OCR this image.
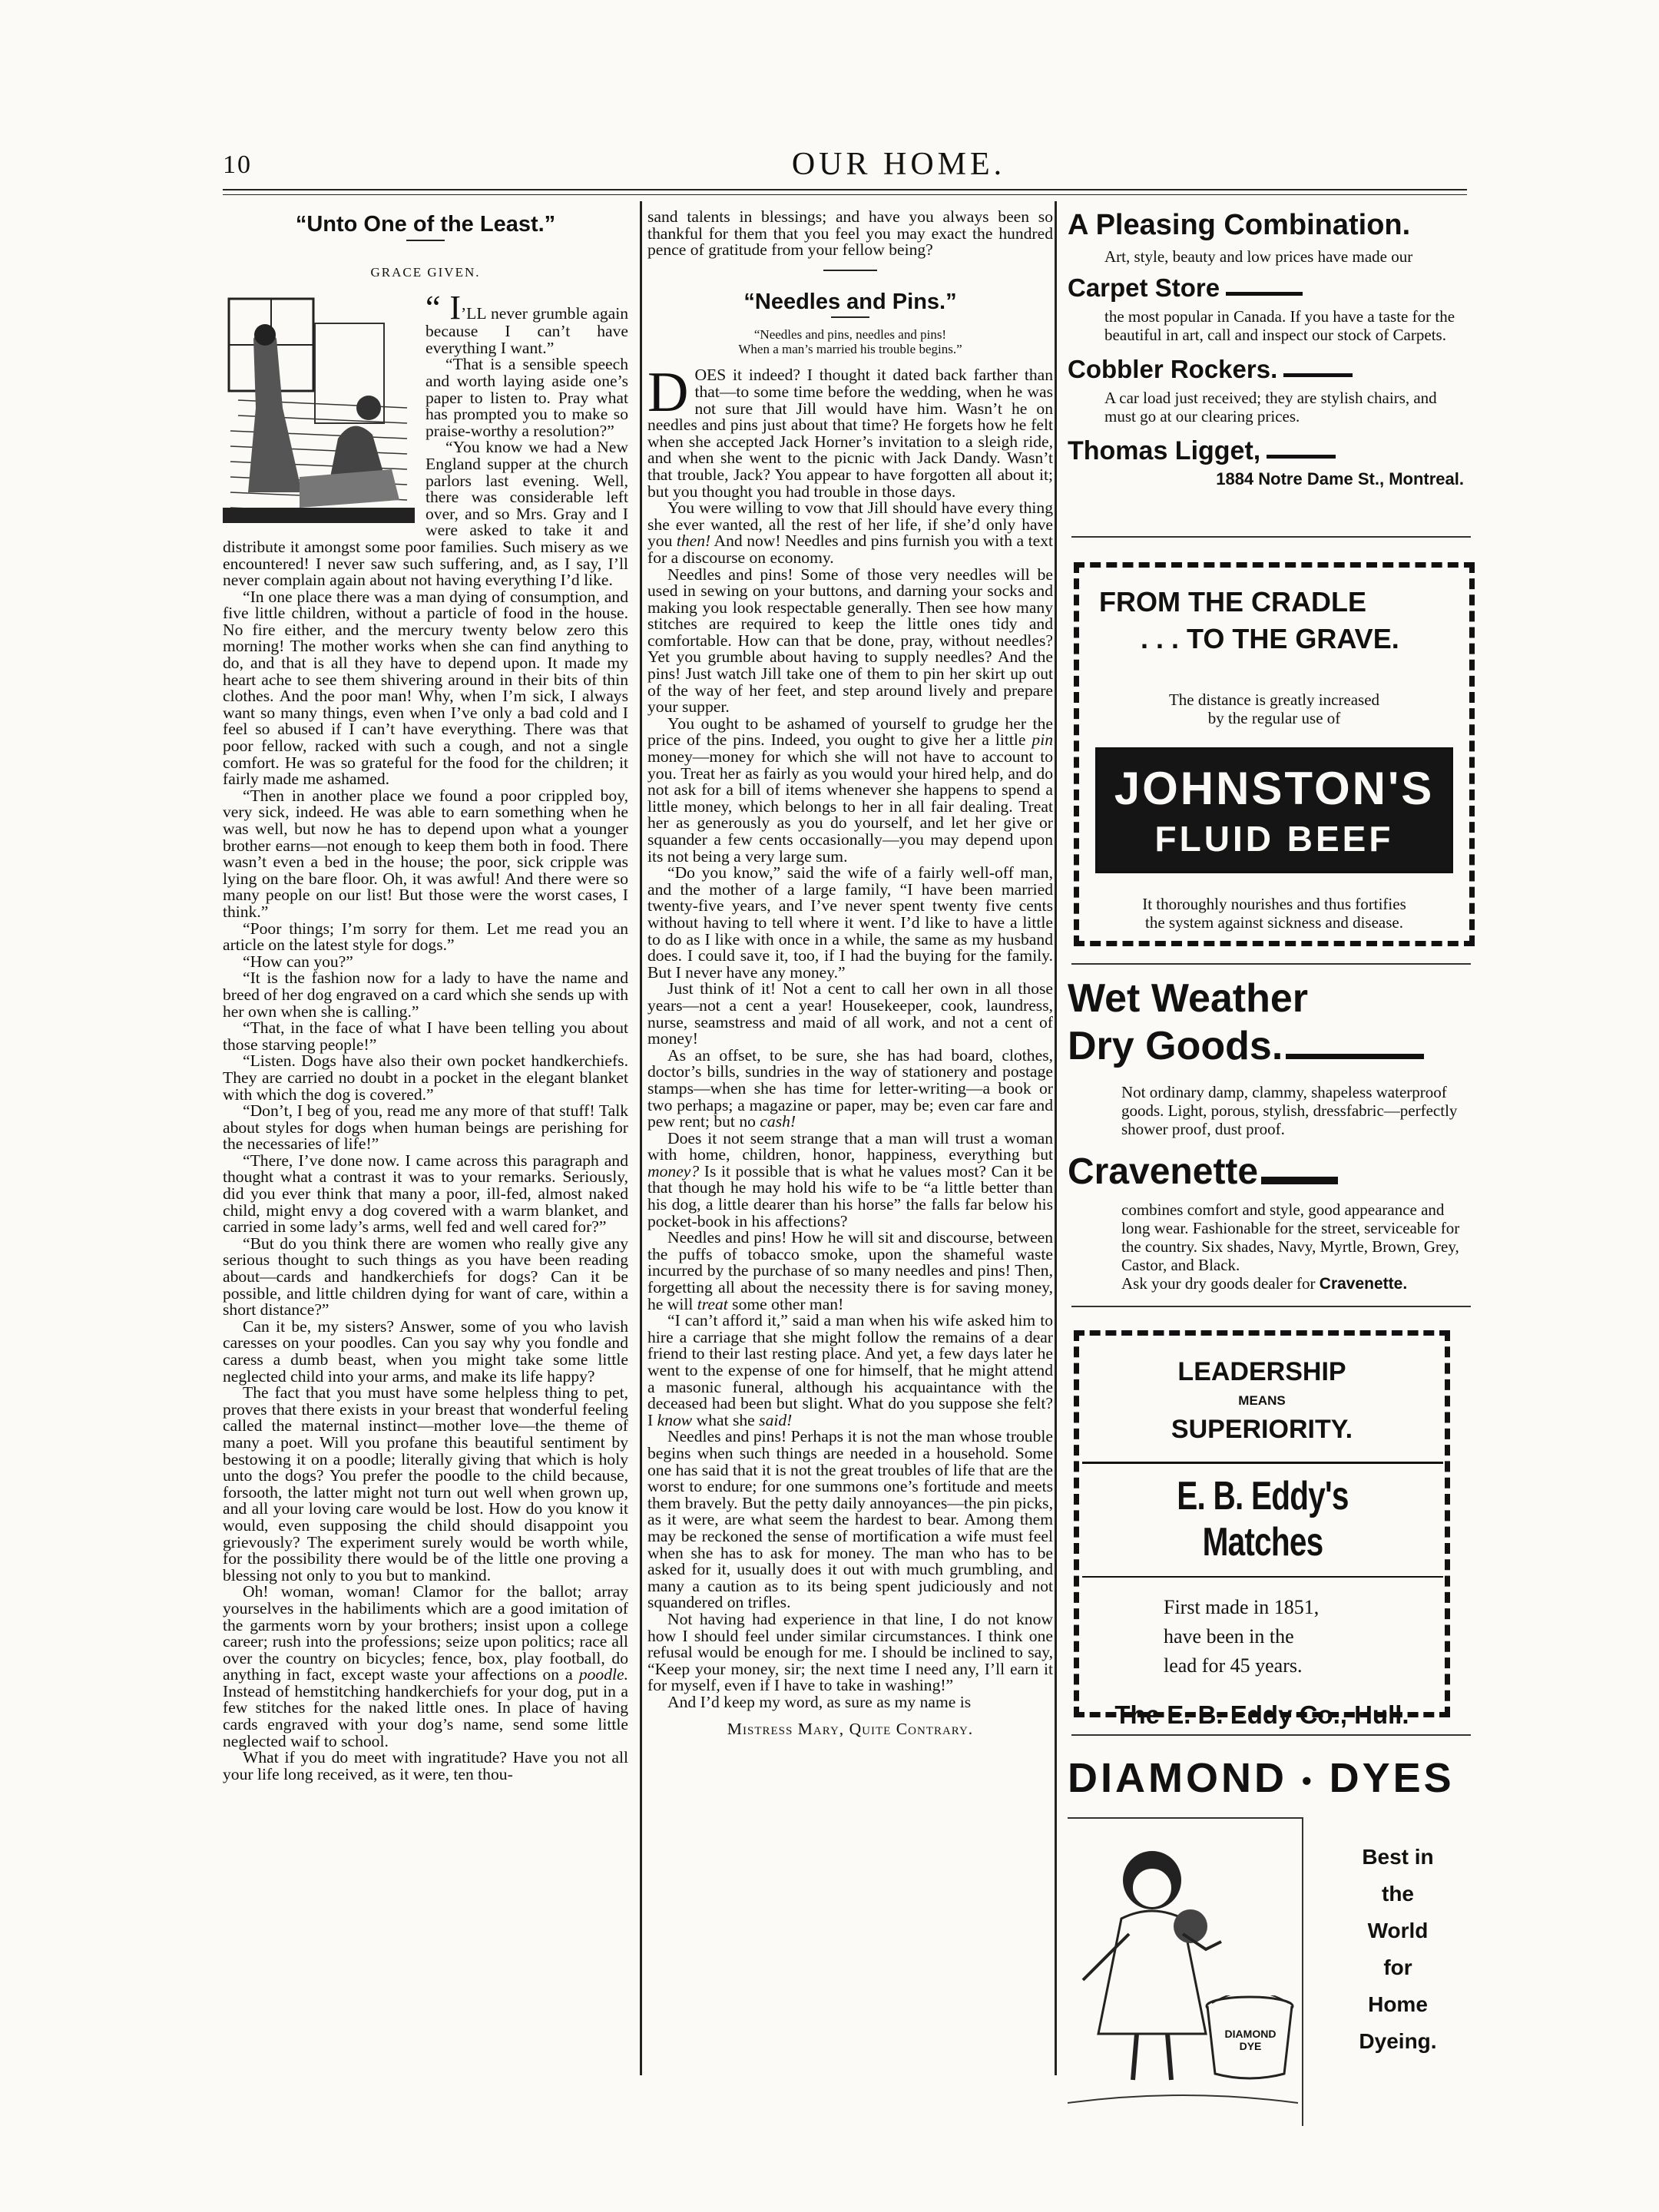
10	OUR HOME.
“Unto One of the Least.”
GRACE GIVEN.

“ I’LL never grumble again because I can’t have everything I want.”

“That is a sensible speech and worth laying aside one’s paper to listen to. Pray what has prompted you to make so praise-worthy a resolution?”

“You know we had a New England supper at the church parlors last evening. Well, there was considerable left over, and so Mrs. Gray and I were asked to take it and distribute it amongst some poor families. Such misery as we encountered! I never saw such suffering, and, as I say, I’ll never complain again about not having everything I’d like.

“In one place there was a man dying of consumption, and five little children, without a particle of food in the house. No fire either, and the mercury twenty below zero this morning! The mother works when she can find anything to do, and that is all they have to depend upon. It made my heart ache to see them shivering around in their bits of thin clothes. And the poor man! Why, when I’m sick, I always want so many things, even when I’ve only a bad cold and I feel so abused if I can’t have everything. There was that poor fellow, racked with such a cough, and not a single comfort. He was so grateful for the food for the children; it fairly made me ashamed.

“Then in another place we found a poor crippled boy, very sick, indeed. He was able to earn something when he was well, but now he has to depend upon what a younger brother earns—not enough to keep them both in food. There wasn’t even a bed in the house; the poor, sick cripple was lying on the bare floor. Oh, it was awful! And there were so many people on our list! But those were the worst cases, I think.”

“Poor things; I’m sorry for them. Let me read you an article on the latest style for dogs.”

“How can you?”

“It is the fashion now for a lady to have the name and breed of her dog engraved on a card which she sends up with her own when she is calling.”

“That, in the face of what I have been telling you about those starving people!”

“Listen. Dogs have also their own pocket handkerchiefs. They are carried no doubt in a pocket in the elegant blanket with which the dog is covered.”

“Don’t, I beg of you, read me any more of that stuff! Talk about styles for dogs when human beings are perishing for the necessaries of life!”

“There, I’ve done now. I came across this paragraph and thought what a contrast it was to your remarks. Seriously, did you ever think that many a poor, ill-fed, almost naked child, might envy a dog covered with a warm blanket, and carried in some lady’s arms, well fed and well cared for?”

“But do you think there are women who really give any serious thought to such things as you have been reading about—cards and handkerchiefs for dogs? Can it be possible, and little children dying for want of care, within a short distance?”

Can it be, my sisters? Answer, some of you who lavish caresses on your poodles. Can you say why you fondle and caress a dumb beast, when you might take some little neglected child into your arms, and make its life happy?

The fact that you must have some helpless thing to pet, proves that there exists in your breast that wonderful feeling called the maternal instinct—mother love—the theme of many a poet. Will you profane this beautiful sentiment by bestowing it on a poodle; literally giving that which is holy unto the dogs? You prefer the poodle to the child because, forsooth, the latter might not turn out well when grown up, and all your loving care would be lost. How do you know it would, even supposing the child should disappoint you grievously? The experiment surely would be worth while, for the possibility there would be of the little one proving a blessing not only to you but to mankind.

Oh! woman, woman! Clamor for the ballot; array yourselves in the habiliments which are a good imitation of the garments worn by your brothers; insist upon a college career; rush into the professions; seize upon politics; race all over the country on bicycles; fence, box, play football, do anything in fact, except waste your affections on a poodle. Instead of hemstitching handkerchiefs for your dog, put in a few stitches for the naked little ones. In place of having cards engraved with your dog’s name, send some little neglected waif to school.

What if you do meet with ingratitude? Have you not all your life long received, as it were, ten thou-

sand talents in blessings; and have you always been so thankful for them that you feel you may exact the hundred pence of gratitude from your fellow being?

“Needles and Pins.”
“Needles and pins, needles and pins!
When a man’s married his trouble begins.”

DOES it indeed? I thought it dated back farther than that—to some time before the wedding, when he was not sure that Jill would have him. Wasn’t he on needles and pins just about that time? He forgets how he felt when she accepted Jack Horner’s invitation to a sleigh ride, and when she went to the picnic with Jack Dandy. Wasn’t that trouble, Jack? You appear to have forgotten all about it; but you thought you had trouble in those days.

You were willing to vow that Jill should have every thing she ever wanted, all the rest of her life, if she’d only have you then! And now! Needles and pins furnish you with a text for a discourse on economy.

Needles and pins! Some of those very needles will be used in sewing on your buttons, and darning your socks and making you look respectable generally. Then see how many stitches are required to keep the little ones tidy and comfortable. How can that be done, pray, without needles? Yet you grumble about having to supply needles? And the pins! Just watch Jill take one of them to pin her skirt up out of the way of her feet, and step around lively and prepare your supper.

You ought to be ashamed of yourself to grudge her the price of the pins. Indeed, you ought to give her a little pin money—money for which she will not have to account to you. Treat her as fairly as you would your hired help, and do not ask for a bill of items whenever she happens to spend a little money, which belongs to her in all fair dealing. Treat her as generously as you do yourself, and let her give or squander a few cents occasionally—you may depend upon its not being a very large sum.

“Do you know,” said the wife of a fairly well-off man, and the mother of a large family, “I have been married twenty-five years, and I’ve never spent twenty five cents without having to tell where it went. I’d like to have a little to do as I like with once in a while, the same as my husband does. I could save it, too, if I had the buying for the family. But I never have any money.”

Just think of it! Not a cent to call her own in all those years—not a cent a year! Housekeeper, cook, laundress, nurse, seamstress and maid of all work, and not a cent of money!

As an offset, to be sure, she has had board, clothes, doctor’s bills, sundries in the way of stationery and postage stamps—when she has time for letter-writing—a book or two perhaps; a magazine or paper, may be; even car fare and pew rent; but no cash!

Does it not seem strange that a man will trust a woman with home, children, honor, happiness, everything but money? Is it possible that is what he values most? Can it be that though he may hold his wife to be “a little better than his dog, a little dearer than his horse” the falls far below his pocket-book in his affections?

Needles and pins! How he will sit and discourse, between the puffs of tobacco smoke, upon the shameful waste incurred by the purchase of so many needles and pins! Then, forgetting all about the necessity there is for saving money, he will treat some other man!

“I can’t afford it,” said a man when his wife asked him to hire a carriage that she might follow the remains of a dear friend to their last resting place. And yet, a few days later he went to the expense of one for himself, that he might attend a masonic funeral, although his acquaintance with the deceased had been but slight. What do you suppose she felt? I know what she said!

Needles and pins! Perhaps it is not the man whose trouble begins when such things are needed in a household. Some one has said that it is not the great troubles of life that are the worst to endure; for one summons one’s fortitude and meets them bravely. But the petty daily annoyances—the pin picks, as it were, are what seem the hardest to bear. Among them may be reckoned the sense of mortification a wife must feel when she has to ask for money. The man who has to be asked for it, usually does it out with much grumbling, and many a caution as to its being spent judiciously and not squandered on trifles.

Not having had experience in that line, I do not know how I should feel under similar circumstances. I think one refusal would be enough for me. I should be inclined to say, “Keep your money, sir; the next time I need any, I’ll earn it for myself, even if I have to take in washing!”

And I’d keep my word, as sure as my name is

Mistress Mary, Quite Contrary.
A Pleasing Combination.
Art, style, beauty and low prices have made our
Carpet Store
the most popular in Canada. If you have a taste for the beautiful in art, call and inspect our stock of Carpets.
Cobbler Rockers.
A car load just received; they are stylish chairs, and must go at our clearing prices.
Thomas Ligget,
1884 Notre Dame St., Montreal.
FROM THE CRADLE
. . . TO THE GRAVE.
The distance is greatly increased
by the regular use of
JOHNSTON'S
FLUID BEEF
It thoroughly nourishes and thus fortifies
the system against sickness and disease.
Wet Weather
Dry Goods.
Not ordinary damp, clammy, shapeless waterproof goods. Light, porous, stylish, dressfabric—perfectly shower proof, dust proof.
Cravenette
combines comfort and style, good appearance and long wear. Fashionable for the street, serviceable for the country. Six shades, Navy, Myrtle, Brown, Grey, Castor, and Black.
Ask your dry goods dealer for Cravenette.
LEADERSHIP
MEANS
SUPERIORITY.
E. B. Eddy's Matches
First made in 1851,
have been in the
lead for 45 years.
The E. B. Eddy Co., Hull.
DIAMOND • DYES
DIAMOND
DYE
Best in
the
World
for
Home
Dyeing.
